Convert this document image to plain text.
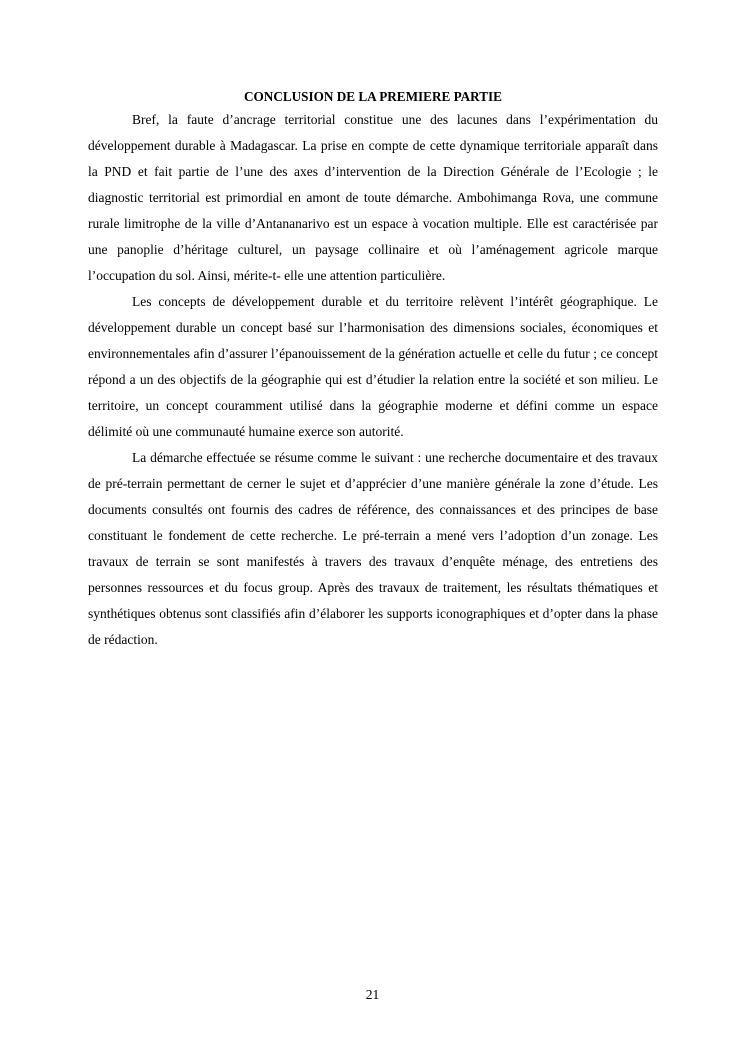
CONCLUSION DE LA PREMIERE PARTIE

Bref, la faute d’ancrage territorial constitue une des lacunes dans l’expérimentation du développement durable à Madagascar. La prise en compte de cette dynamique territoriale apparaît dans la PND et fait partie de l’une des axes d’intervention de la Direction Générale de l’Ecologie ; le diagnostic territorial est primordial en amont de toute démarche. Ambohimanga Rova, une commune rurale limitrophe de la ville d’Antananarivo est un espace à vocation multiple. Elle est caractérisée par une panoplie d’héritage culturel, un paysage collinaire et où l’aménagement agricole marque l’occupation du sol. Ainsi, mérite-t- elle une attention particulière.

Les concepts de développement durable et du territoire relèvent l’intérêt géographique. Le développement durable un concept basé sur l’harmonisation des dimensions sociales, économiques et environnementales afin d’assurer l’épanouissement de la génération actuelle et celle du futur ; ce concept répond a un des objectifs de la géographie qui est d’étudier la relation entre la société et son milieu. Le territoire, un concept couramment utilisé dans la géographie moderne et défini comme un espace délimité où une communauté humaine exerce son autorité.

La démarche effectuée se résume comme le suivant : une recherche documentaire et des travaux de pré-terrain permettant de cerner le sujet et d’apprécier d’une manière générale la zone d’étude. Les documents consultés ont fournis des cadres de référence, des connaissances et des principes de base constituant le fondement de cette recherche. Le pré-terrain a mené vers l’adoption d’un zonage. Les travaux de terrain se sont manifestés à travers des travaux d’enquête ménage, des entretiens des personnes ressources et du focus group. Après des travaux de traitement, les résultats thématiques et synthétiques obtenus sont classifiés afin d’élaborer les supports iconographiques et d’opter dans la phase de rédaction.

21
